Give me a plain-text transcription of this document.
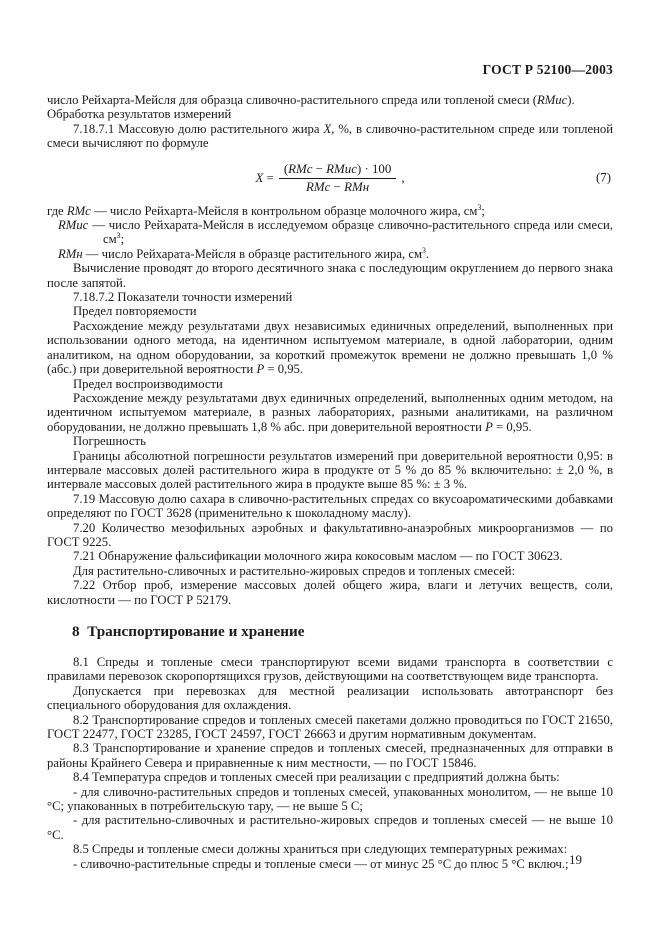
ГОСТ Р 52100—2003

число Рейхарта-Мейсля для образца сливочно-растительного спреда или топленой смеси (RMис).

Обработка результатов измерений

7.18.7.1 Массовую долю растительного жира X, %, в сливочно-растительном спреде или топленой смеси вычисляют по формуле

$X = \frac{\text{(RMс − RMис) · 100}}{\text{RMс − RMн}}$ ,	(7)

где RMс — число Рейхарта-Мейсля в контрольном образце молочного жира, $см^3$;

RMис — число Рейхарата-Мейсля в исследуемом образце сливочно-растительного спреда или смеси, $см^3$;

RMн — число Рейхарата-Мейсля в образце растительного жира, $см^3$.

Вычисление проводят до второго десятичного знака с последующим округлением до первого знака после запятой.

7.18.7.2 Показатели точности измерений

Предел повторяемости

Расхождение между результатами двух независимых единичных определений, выполненных при использовании одного метода, на идентичном испытуемом материале, в одной лаборатории, одним аналитиком, на одном оборудовании, за короткий промежуток времени не должно превышать 1,0 % (абс.) при доверительной вероятности P = 0,95.

Предел воспроизводимости

Расхождение между результатами двух единичных определений, выполненных одним методом, на идентичном испытуемом материале, в разных лабораториях, разными аналитиками, на различном оборудовании, не должно превышать 1,8 % абс. при доверительной вероятности P = 0,95.

Погрешность

Границы абсолютной погрешности результатов измерений при доверительной вероятности 0,95: в интервале массовых долей растительного жира в продукте от 5 % до 85 % включительно: ± 2,0 %, в интервале массовых долей растительного жира в продукте выше 85 %: ± 3 %.

7.19 Массовую долю сахара в сливочно-растительных спредах со вкусоароматическими добавками определяют по ГОСТ 3628 (применительно к шоколадному маслу).

7.20 Количество мезофильных аэробных и факультативно-анаэробных микроорганизмов — по ГОСТ 9225.

7.21 Обнаружение фальсификации молочного жира кокосовым маслом — по ГОСТ 30623.

Для растительно-сливочных и растительно-жировых спредов и топленых смесей:

7.22 Отбор проб, измерение массовых долей общего жира, влаги и летучих веществ, соли, кислотности — по ГОСТ Р 52179.

8  Транспортирование и хранение

8.1 Спреды и топленые смеси транспортируют всеми видами транспорта в соответствии с правилами перевозок скоропортящихся грузов, действующими на соответствующем виде транспорта.

Допускается при перевозках для местной реализации использовать автотранспорт без специального оборудования для охлаждения.

8.2 Транспортирование спредов и топленых смесей пакетами должно проводиться по ГОСТ 21650, ГОСТ 22477, ГОСТ 23285, ГОСТ 24597, ГОСТ 26663 и другим нормативным документам.

8.3 Транспортирование и хранение спредов и топленых смесей, предназначенных для отправки в районы Крайнего Севера и приравненные к ним местности, — по ГОСТ 15846.

8.4 Температура спредов и топленых смесей при реализации с предприятий должна быть:

- для сливочно-растительных спредов и топленых смесей, упакованных монолитом, — не выше 10 °С; упакованных в потребительскую тару, — не выше 5 С;

- для растительно-сливочных и растительно-жировых спредов и топленых смесей — не выше 10 °С.

8.5 Спреды и топленые смеси должны храниться при следующих температурных режимах:

- сливочно-растительные спреды и топленые смеси — от минус 25 °С до плюс 5 °С включ.; 19
